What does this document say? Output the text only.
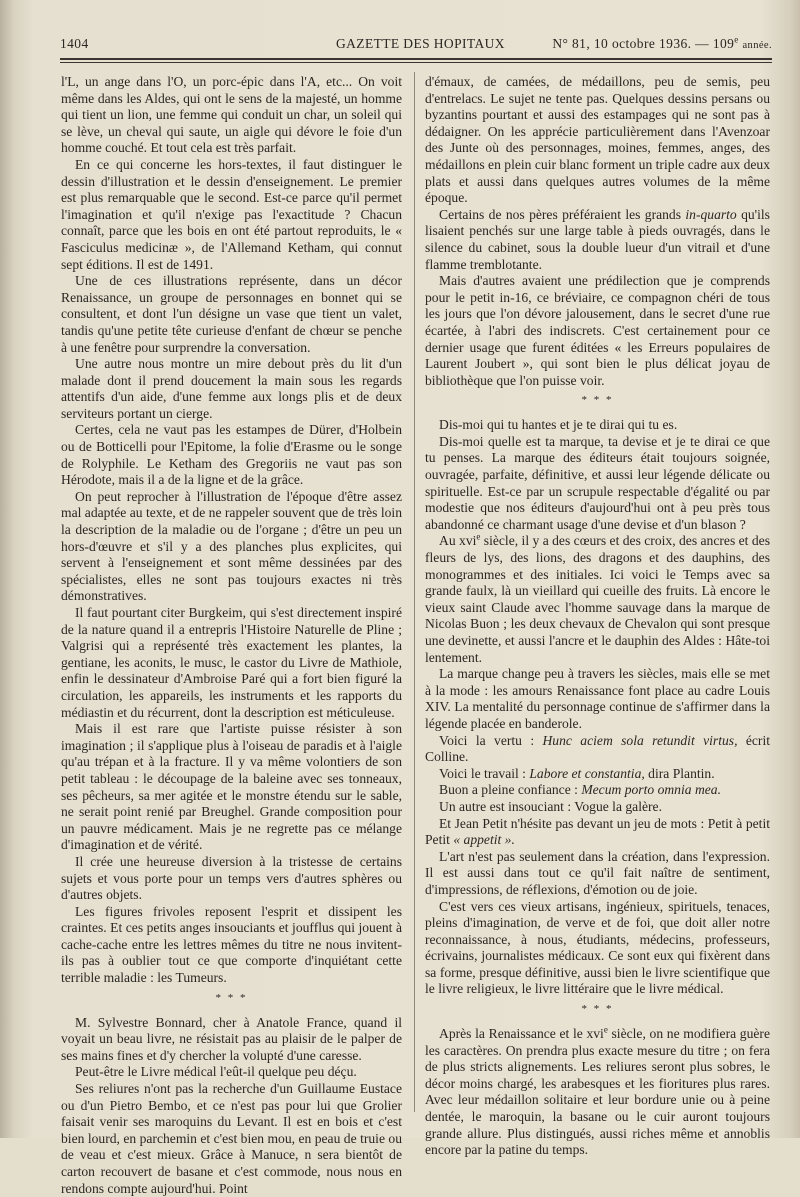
1404	GAZETTE DES HOPITAUX	N° 81, 10 octobre 1936. — 109e année.

l'L, un ange dans l'O, un porc-épic dans l'A, etc... On voit même dans les Aldes, qui ont le sens de la majesté, un homme qui tient un lion, une femme qui conduit un char, un soleil qui se lève, un cheval qui saute, un aigle qui dévore le foie d'un homme couché. Et tout cela est très parfait.

En ce qui concerne les hors-textes, il faut distinguer le dessin d'illustration et le dessin d'enseignement. Le premier est plus remarquable que le second. Est-ce parce qu'il permet l'imagination et qu'il n'exige pas l'exactitude ? Chacun connaît, parce que les bois en ont été partout reproduits, le « Fasciculus medicinæ », de l'Allemand Ketham, qui connut sept éditions. Il est de 1491.

Une de ces illustrations représente, dans un décor Renaissance, un groupe de personnages en bonnet qui se consultent, et dont l'un désigne un vase que tient un valet, tandis qu'une petite tête curieuse d'enfant de chœur se penche à une fenêtre pour surprendre la conversation.

Une autre nous montre un mire debout près du lit d'un malade dont il prend doucement la main sous les regards attentifs d'un aide, d'une femme aux longs plis et de deux serviteurs portant un cierge.

Certes, cela ne vaut pas les estampes de Dürer, d'Holbein ou de Botticelli pour l'Epitome, la folie d'Erasme ou le songe de Rolyphile. Le Ketham des Gregoriis ne vaut pas son Hérodote, mais il a de la ligne et de la grâce.

On peut reprocher à l'illustration de l'époque d'être assez mal adaptée au texte, et de ne rappeler souvent que de très loin la description de la maladie ou de l'organe ; d'être un peu un hors-d'œuvre et s'il y a des planches plus explicites, qui servent à l'enseignement et sont même dessinées par des spécialistes, elles ne sont pas toujours exactes ni très démonstratives.

Il faut pourtant citer Burgkeim, qui s'est directement inspiré de la nature quand il a entrepris l'Histoire Naturelle de Pline ; Valgrisi qui a représenté très exactement les plantes, la gentiane, les aconits, le musc, le castor du Livre de Mathiole, enfin le dessinateur d'Ambroise Paré qui a fort bien figuré la circulation, les appareils, les instruments et les rapports du médiastin et du récurrent, dont la description est méticuleuse.

Mais il est rare que l'artiste puisse résister à son imagination ; il s'applique plus à l'oiseau de paradis et à l'aigle qu'au trépan et à la fracture. Il y va même volontiers de son petit tableau : le découpage de la baleine avec ses tonneaux, ses pêcheurs, sa mer agitée et le monstre étendu sur le sable, ne serait point renié par Breughel. Grande composition pour un pauvre médicament. Mais je ne regrette pas ce mélange d'imagination et de vérité.

Il crée une heureuse diversion à la tristesse de certains sujets et vous porte pour un temps vers d'autres sphères ou d'autres objets.

Les figures frivoles reposent l'esprit et dissipent les craintes. Et ces petits anges insouciants et joufflus qui jouent à cache-cache entre les lettres mêmes du titre ne nous invitent-ils pas à oublier tout ce que comporte d'inquiétant cette terrible maladie : les Tumeurs.

* * *

M. Sylvestre Bonnard, cher à Anatole France, quand il voyait un beau livre, ne résistait pas au plaisir de le palper de ses mains fines et d'y chercher la volupté d'une caresse.

Peut-être le Livre médical l'eût-il quelque peu déçu.

Ses reliures n'ont pas la recherche d'un Guillaume Eustace ou d'un Pietro Bembo, et ce n'est pas pour lui que Grolier faisait venir ses maroquins du Levant. Il est en bois et c'est bien lourd, en parchemin et c'est bien mou, en peau de truie ou de veau et c'est mieux. Grâce à Manuce, n sera bientôt de carton recouvert de basane et c'est commode, nous nous en rendons compte aujourd'hui. Point

d'émaux, de camées, de médaillons, peu de semis, peu d'entrelacs. Le sujet ne tente pas. Quelques dessins persans ou byzantins pourtant et aussi des estampages qui ne sont pas à dédaigner. On les apprécie particulièrement dans l'Avenzoar des Junte où des personnages, moines, femmes, anges, des médaillons en plein cuir blanc forment un triple cadre aux deux plats et aussi dans quelques autres volumes de la même époque.

Certains de nos pères préféraient les grands in-quarto qu'ils lisaient penchés sur une large table à pieds ouvragés, dans le silence du cabinet, sous la double lueur d'un vitrail et d'une flamme tremblotante.

Mais d'autres avaient une prédilection que je comprends pour le petit in-16, ce bréviaire, ce compagnon chéri de tous les jours que l'on dévore jalousement, dans le secret d'une rue écartée, à l'abri des indiscrets. C'est certainement pour ce dernier usage que furent éditées « les Erreurs populaires de Laurent Joubert », qui sont bien le plus délicat joyau de bibliothèque que l'on puisse voir.

* * *

Dis-moi qui tu hantes et je te dirai qui tu es.

Dis-moi quelle est ta marque, ta devise et je te dirai ce que tu penses. La marque des éditeurs était toujours soignée, ouvragée, parfaite, définitive, et aussi leur légende délicate ou spirituelle. Est-ce par un scrupule respectable d'égalité ou par modestie que nos éditeurs d'aujourd'hui ont à peu près tous abandonné ce charmant usage d'une devise et d'un blason ?

Au xvi$^e$ siècle, il y a des cœurs et des croix, des ancres et des fleurs de lys, des lions, des dragons et des dauphins, des monogrammes et des initiales. Ici voici le Temps avec sa grande faulx, là un vieillard qui cueille des fruits. Là encore le vieux saint Claude avec l'homme sauvage dans la marque de Nicolas Buon ; les deux chevaux de Chevalon qui sont presque une devinette, et aussi l'ancre et le dauphin des Aldes : Hâte-toi lentement.

La marque change peu à travers les siècles, mais elle se met à la mode : les amours Renaissance font place au cadre Louis XIV. La mentalité du personnage continue de s'affirmer dans la légende placée en banderole.

Voici la vertu : Hunc aciem sola retundit virtus, écrit Colline.

Voici le travail : Labore et constantia, dira Plantin.

Buon a pleine confiance : Mecum porto omnia mea.

Un autre est insouciant : Vogue la galère.

Et Jean Petit n'hésite pas devant un jeu de mots : Petit à petit Petit « appetit ».

L'art n'est pas seulement dans la création, dans l'expression. Il est aussi dans tout ce qu'il fait naître de sentiment, d'impressions, de réflexions, d'émotion ou de joie.

C'est vers ces vieux artisans, ingénieux, spirituels, tenaces, pleins d'imagination, de verve et de foi, que doit aller notre reconnaissance, à nous, étudiants, médecins, professeurs, écrivains, journalistes médicaux. Ce sont eux qui fixèrent dans sa forme, presque définitive, aussi bien le livre scientifique que le livre religieux, le livre littéraire que le livre médical.

* * *

Après la Renaissance et le xvi$^e$ siècle, on ne modifiera guère les caractères. On prendra plus exacte mesure du titre ; on fera de plus stricts alignements. Les reliures seront plus sobres, le décor moins chargé, les arabesques et les fioritures plus rares. Avec leur médaillon solitaire et leur bordure unie ou à peine dentée, le maroquin, la basane ou le cuir auront toujours grande allure. Plus distingués, aussi riches même et annoblis encore par la patine du temps.
